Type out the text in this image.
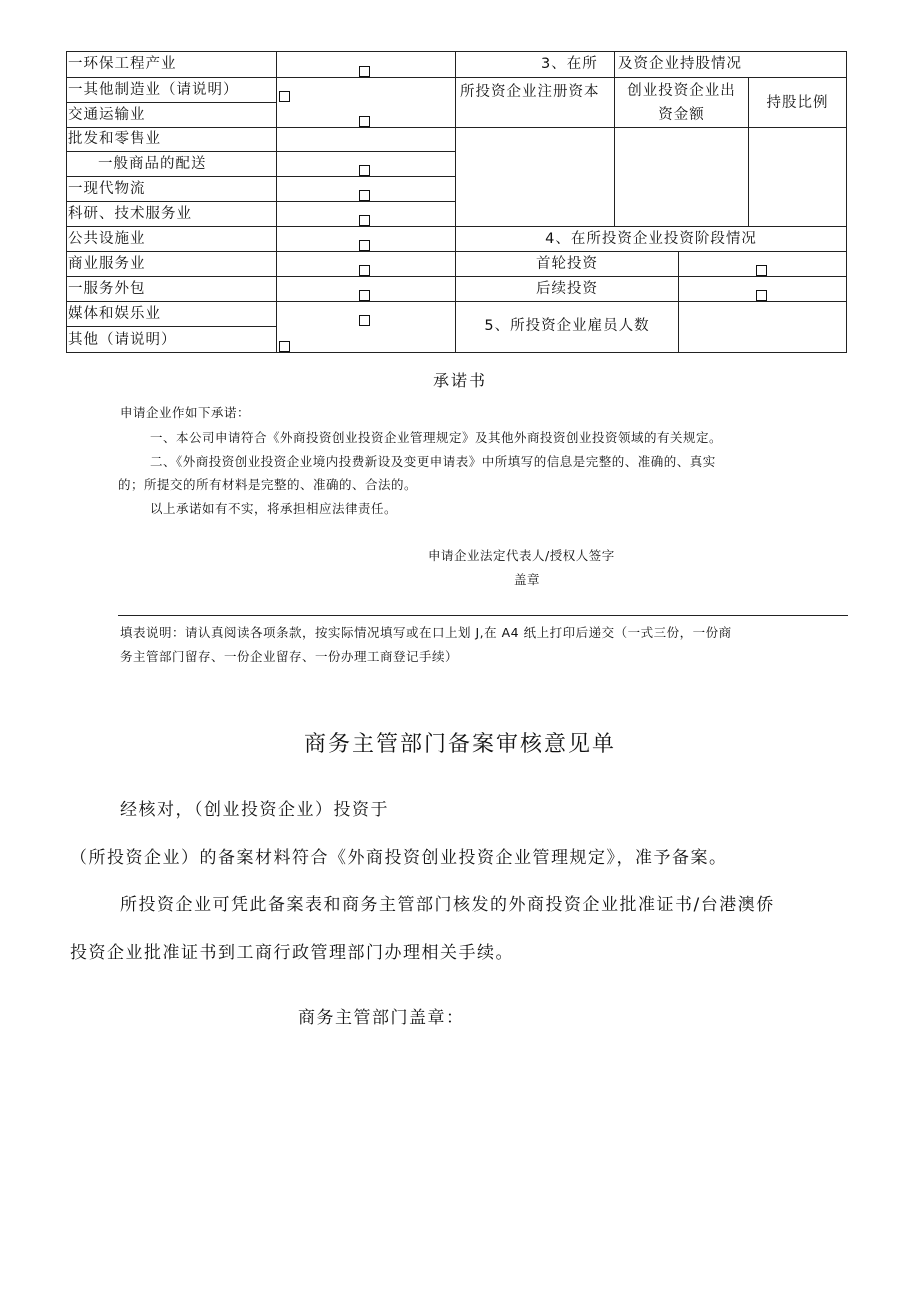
一环保工程产业
一其他制造业（请说明）
交通运输业
批发和零售业
一般商品的配送
一现代物流
科研、技术服务业
公共设施业
商业服务业
一服务外包
媒体和娱乐业
其他（请说明）
3、在所 及资企业持股情况
所投资企业注册资本	创业投资企业出
资金额
持股比例
4、在所投资企业投资阶段情况
首轮投资
后续投资
5、所投资企业雇员人数
承诺书
申请企业作如下承诺：
一、本公司申请符合《外商投资创业投资企业管理规定》及其他外商投资创业投资领域的有关规定。
二、《外商投资创业投资企业境内投费新设及变更申请表》中所填写的信息是完整的、准确的、真实
的；所提交的所有材料是完整的、准确的、合法的。
以上承诺如有不实，将承担相应法律责任。
申请企业法定代表人/授权人签字
盖章
填表说明：请认真阅读各项条款，按实际情况填写或在口上划 J,在 A4 纸上打印后递交（一式三份，一份商
务主管部门留存、一份企业留存、一份办理工商登记手续）
商务主管部门备案审核意见单
经核对，（创业投资企业）投资于
（所投资企业）的备案材料符合《外商投资创业投资企业管理规定》，准予备案。
所投资企业可凭此备案表和商务主管部门核发的外商投资企业批准证书/台港澳侨
投资企业批准证书到工商行政管理部门办理相关手续。
商务主管部门盖章：
